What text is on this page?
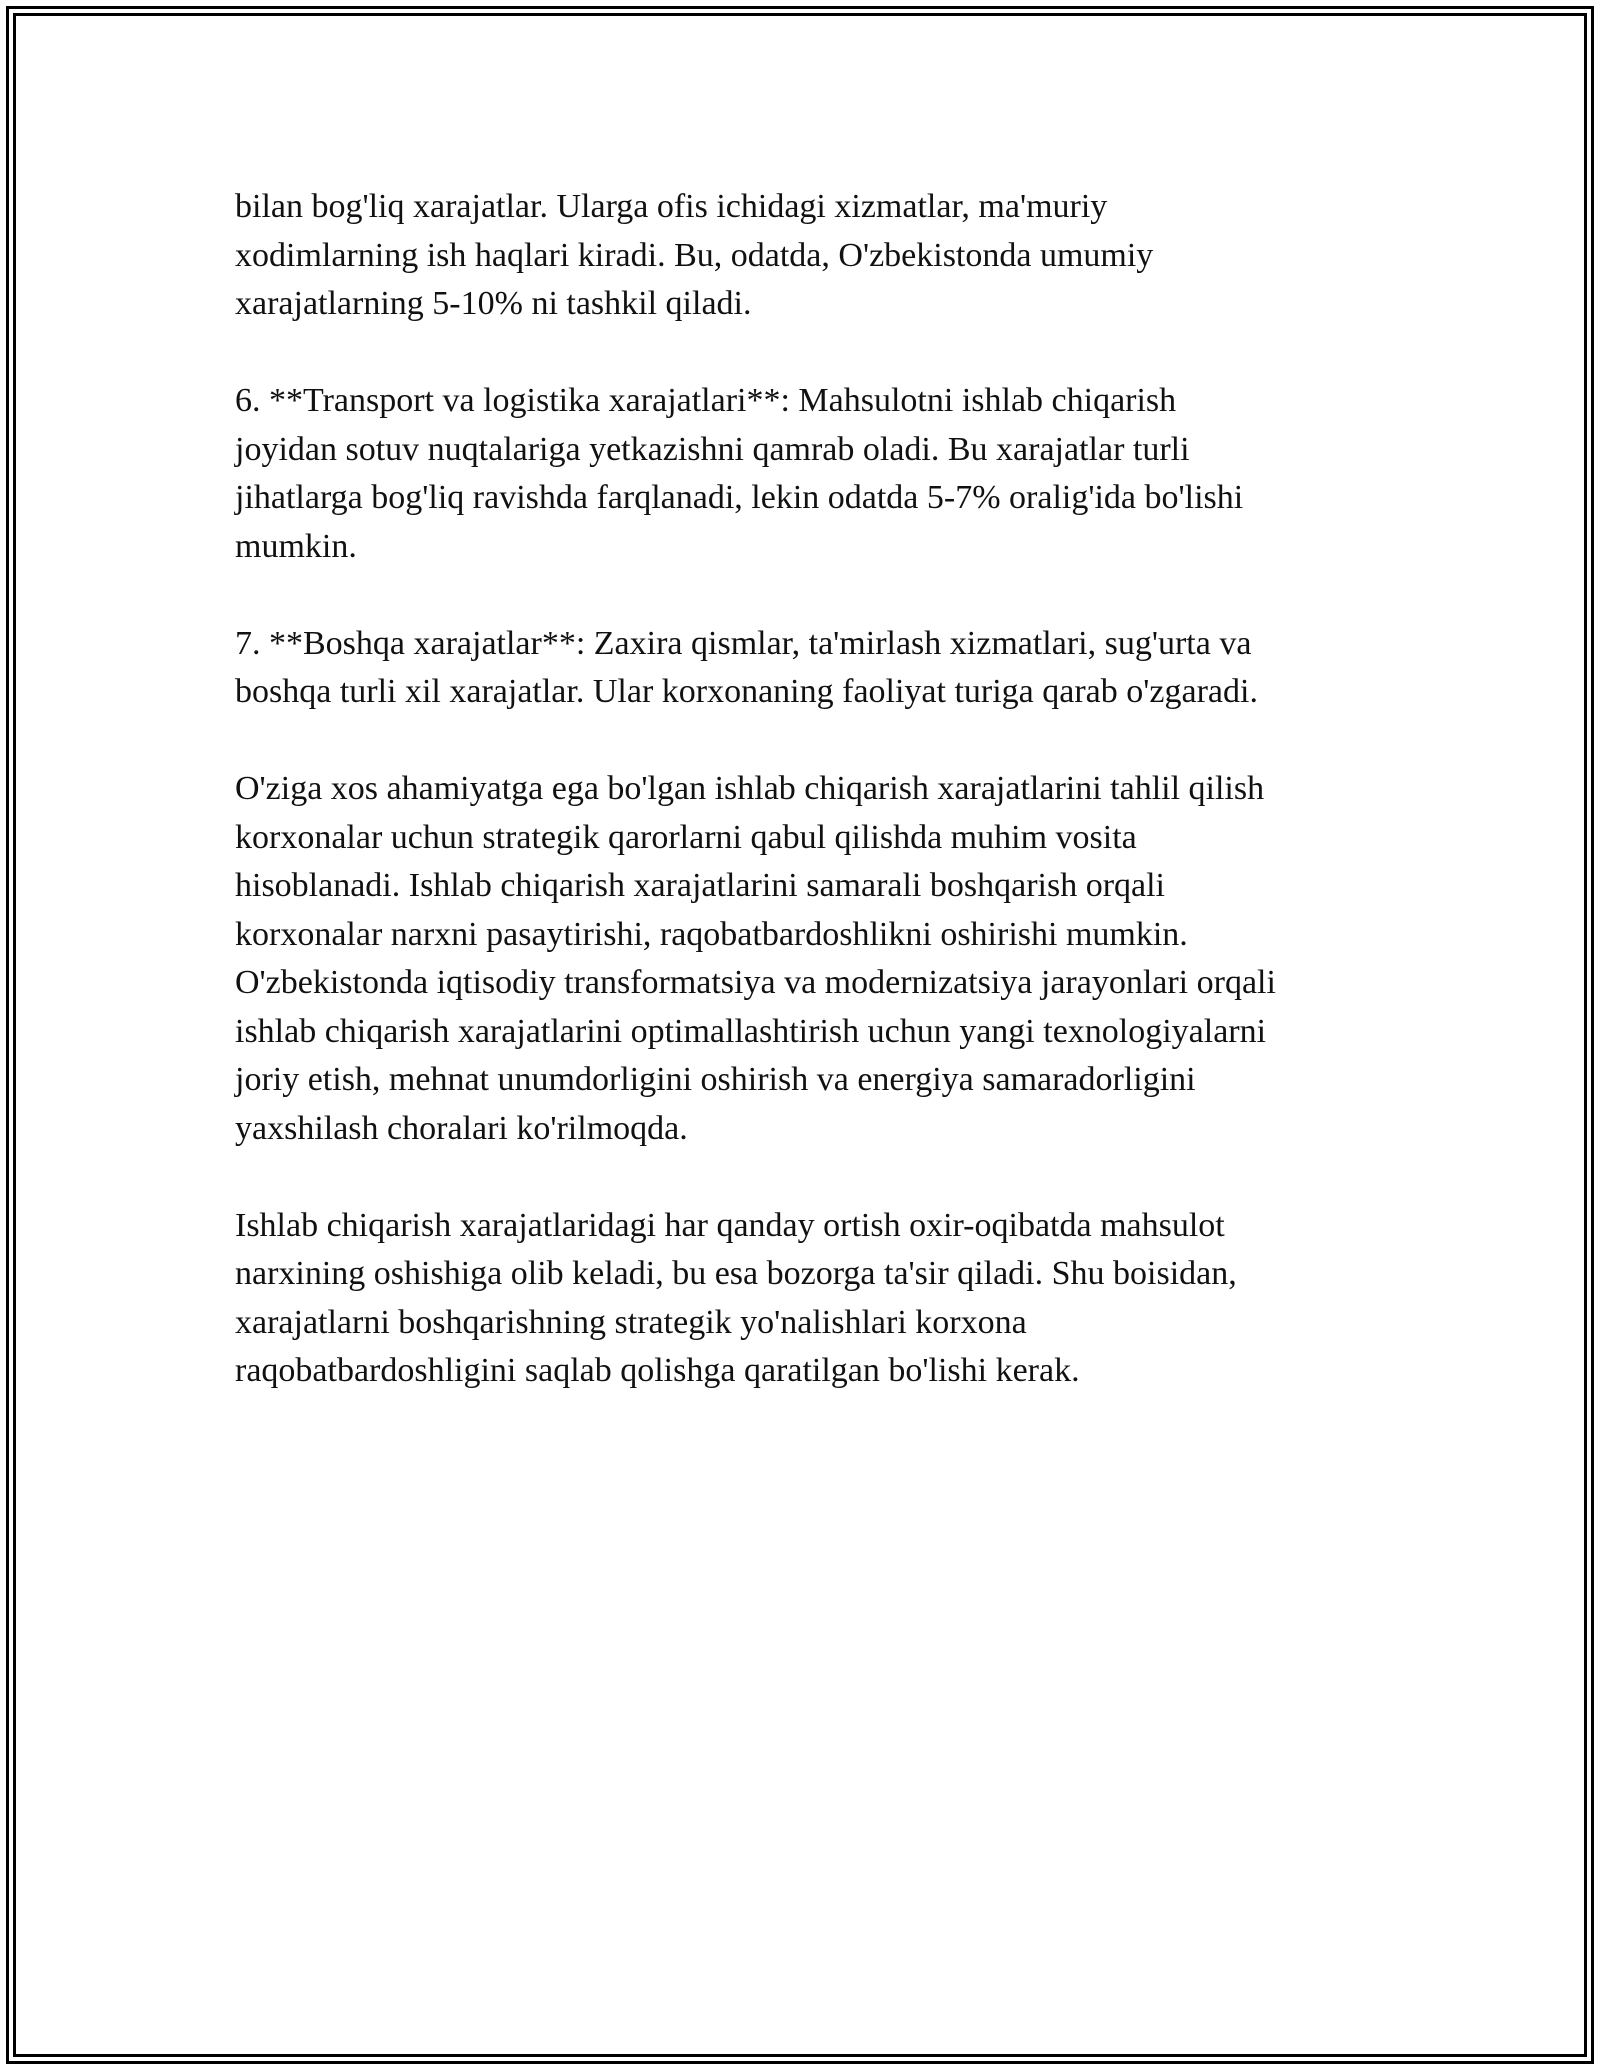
bilan bog'liq xarajatlar. Ularga ofis ichidagi xizmatlar, ma'muriy
xodimlarning ish haqlari kiradi. Bu, odatda, O'zbekistonda umumiy
xarajatlarning 5-10% ni tashkil qiladi.

6. **Transport va logistika xarajatlari**: Mahsulotni ishlab chiqarish
joyidan sotuv nuqtalariga yetkazishni qamrab oladi. Bu xarajatlar turli
jihatlarga bog'liq ravishda farqlanadi, lekin odatda 5-7% oralig'ida bo'lishi
mumkin.

7. **Boshqa xarajatlar**: Zaxira qismlar, ta'mirlash xizmatlari, sug'urta va
boshqa turli xil xarajatlar. Ular korxonaning faoliyat turiga qarab o'zgaradi.

O'ziga xos ahamiyatga ega bo'lgan ishlab chiqarish xarajatlarini tahlil qilish
korxonalar uchun strategik qarorlarni qabul qilishda muhim vosita
hisoblanadi. Ishlab chiqarish xarajatlarini samarali boshqarish orqali
korxonalar narxni pasaytirishi, raqobatbardoshlikni oshirishi mumkin.
O'zbekistonda iqtisodiy transformatsiya va modernizatsiya jarayonlari orqali
ishlab chiqarish xarajatlarini optimallashtirish uchun yangi texnologiyalarni
joriy etish, mehnat unumdorligini oshirish va energiya samaradorligini
yaxshilash choralari ko'rilmoqda.

Ishlab chiqarish xarajatlaridagi har qanday ortish oxir-oqibatda mahsulot
narxining oshishiga olib keladi, bu esa bozorga ta'sir qiladi. Shu boisidan,
xarajatlarni boshqarishning strategik yo'nalishlari korxona
raqobatbardoshligini saqlab qolishga qaratilgan bo'lishi kerak.
